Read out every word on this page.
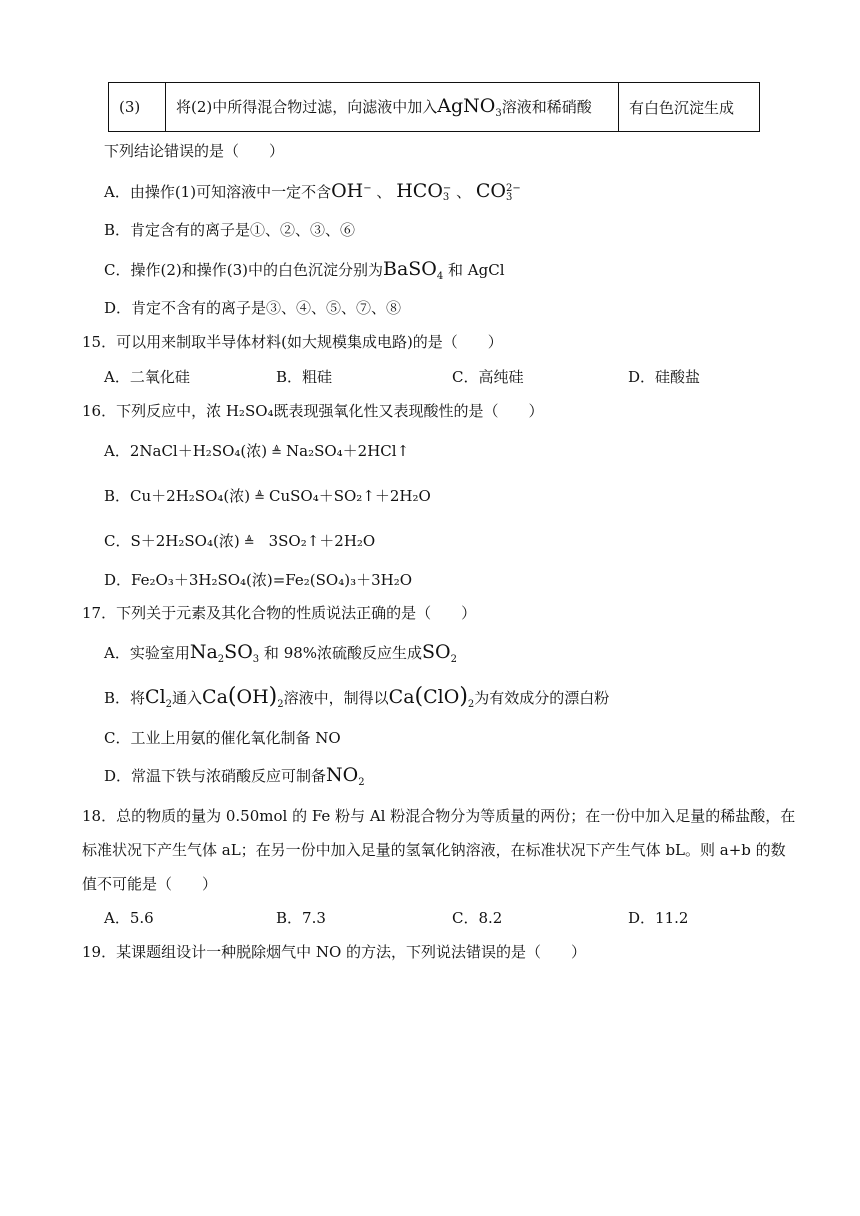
(3)	将(2)中所得混合物过滤，向滤液中加入AgNO$_3$溶液和稀硝酸	有白色沉淀生成
下列结论错误的是（　　）
A．由操作(1)可知溶液中一定不含OH− 、 HCO−
3 、 CO2−
3
B．肯定含有的离子是①、②、③、⑥
C．操作(2)和操作(3)中的白色沉淀分别为BaSO$_4$ 和 AgCl
D．肯定不含有的离子是③、④、⑤、⑦、⑧
15．可以用来制取半导体材料(如大规模集成电路)的是（　　）
A．二氧化硅	B．粗硅	C．高纯硅	D．硅酸盐
16．下列反应中，浓 H₂SO₄既表现强氧化性又表现酸性的是（　　）
A．2NaCl＋H₂SO₄(浓) ≜ Na₂SO₄＋2HCl↑
B．Cu＋2H₂SO₄(浓) ≜ CuSO₄＋SO₂↑＋2H₂O
C．S＋2H₂SO₄(浓) ≜ 3SO₂↑＋2H₂O
D．Fe₂O₃＋3H₂SO₄(浓)=Fe₂(SO₄)₃＋3H₂O
17．下列关于元素及其化合物的性质说法正确的是（　　）
A．实验室用$Na_2SO_3$ 和 98%浓硫酸反应生成$SO_2$
B．将$Cl_2$通入$Ca(OH)_2$溶液中，制得以$Ca(ClO)_2$为有效成分的漂白粉
C．工业上用氨的催化氧化制备 NO
D．常温下铁与浓硝酸反应可制备$NO_2$
18．总的物质的量为 0.50mol 的 Fe 粉与 Al 粉混合物分为等质量的两份；在一份中加入足量的稀盐酸，在
标准状况下产生气体 aL；在另一份中加入足量的氢氧化钠溶液，在标准状况下产生气体 bL。则 a+b 的数
值不可能是（　　）
A．5.6	B．7.3	C．8.2	D．11.2
19．某课题组设计一种脱除烟气中 NO 的方法，下列说法错误的是（　　）
